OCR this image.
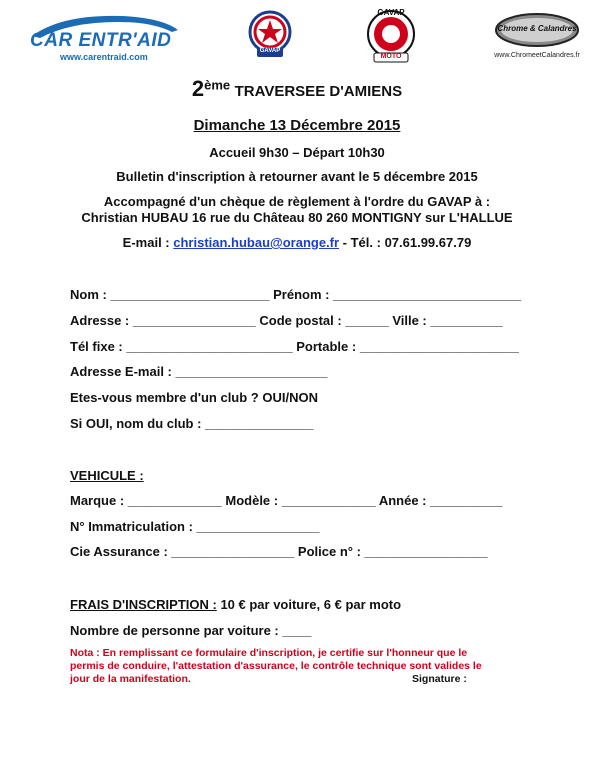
CAR ENTR'AID
www.carentraid.com
GAVAP
GAVAP
MOTO
Chrome & Calandres
www.ChromeetCalandres.fr
2ème TRAVERSEE D'AMIENS
Dimanche 13 Décembre 2015
Accueil 9h30 – Départ 10h30
Bulletin d'inscription à retourner avant le 5 décembre 2015
Accompagné d'un chèque de règlement à l'ordre du GAVAP à :
Christian HUBAU 16 rue du Château 80 260 MONTIGNY sur L'HALLUE
E-mail : christian.hubau@orange.fr - Tél. : 07.61.99.67.79
Nom : ______________________ Prénom : __________________________
Adresse : _________________ Code postal : ______ Ville : __________
Tél fixe : _______________________ Portable : ______________________
Adresse E-mail : _____________________
Etes-vous membre d'un club ? OUI/NON
Si OUI, nom du club : _______________
VEHICULE :
Marque : _____________ Modèle : _____________ Année : __________
N° Immatriculation : _________________
Cie Assurance : _________________ Police n° : _________________
FRAIS D'INSCRIPTION : 10 € par voiture, 6 € par moto
Nombre de personne par voiture : ____
Nota : En remplissant ce formulaire d'inscription, je certifie sur l'honneur que le
permis de conduire, l'attestation d'assurance, le contrôle technique sont valides le
jour de la manifestation.	Signature :
